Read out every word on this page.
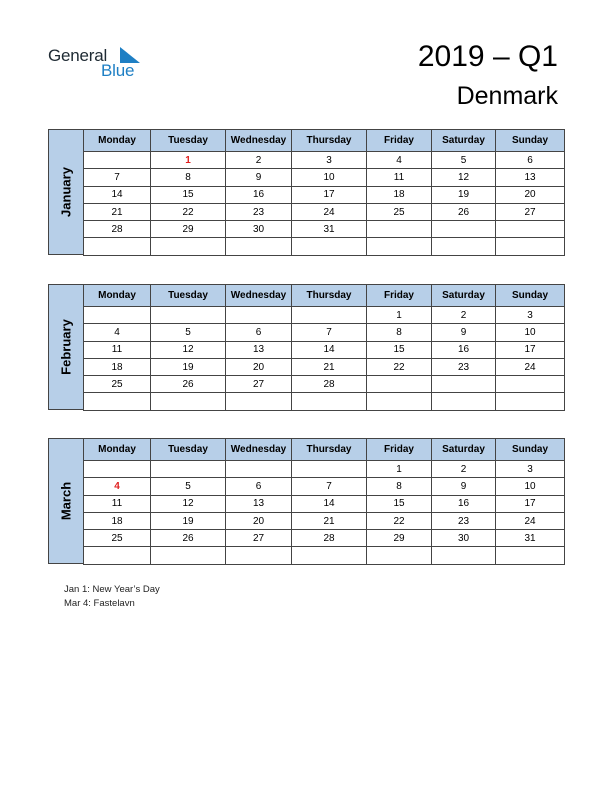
General
Blue	2019 – Q1
Denmark
January
Monday	Tuesday	Wednesday	Thursday	Friday	Saturday	Sunday
	1	2	3	4	5	6
7	8	9	10	11	12	13
14	15	16	17	18	19	20
21	22	23	24	25	26	27
28	29	30	31			

February
Monday	Tuesday	Wednesday	Thursday	Friday	Saturday	Sunday
				1	2	3
4	5	6	7	8	9	10
11	12	13	14	15	16	17
18	19	20	21	22	23	24
25	26	27	28			

March
Monday	Tuesday	Wednesday	Thursday	Friday	Saturday	Sunday
				1	2	3
4	5	6	7	8	9	10
11	12	13	14	15	16	17
18	19	20	21	22	23	24
25	26	27	28	29	30	31

Jan 1: New Year’s Day
Mar 4: Fastelavn
